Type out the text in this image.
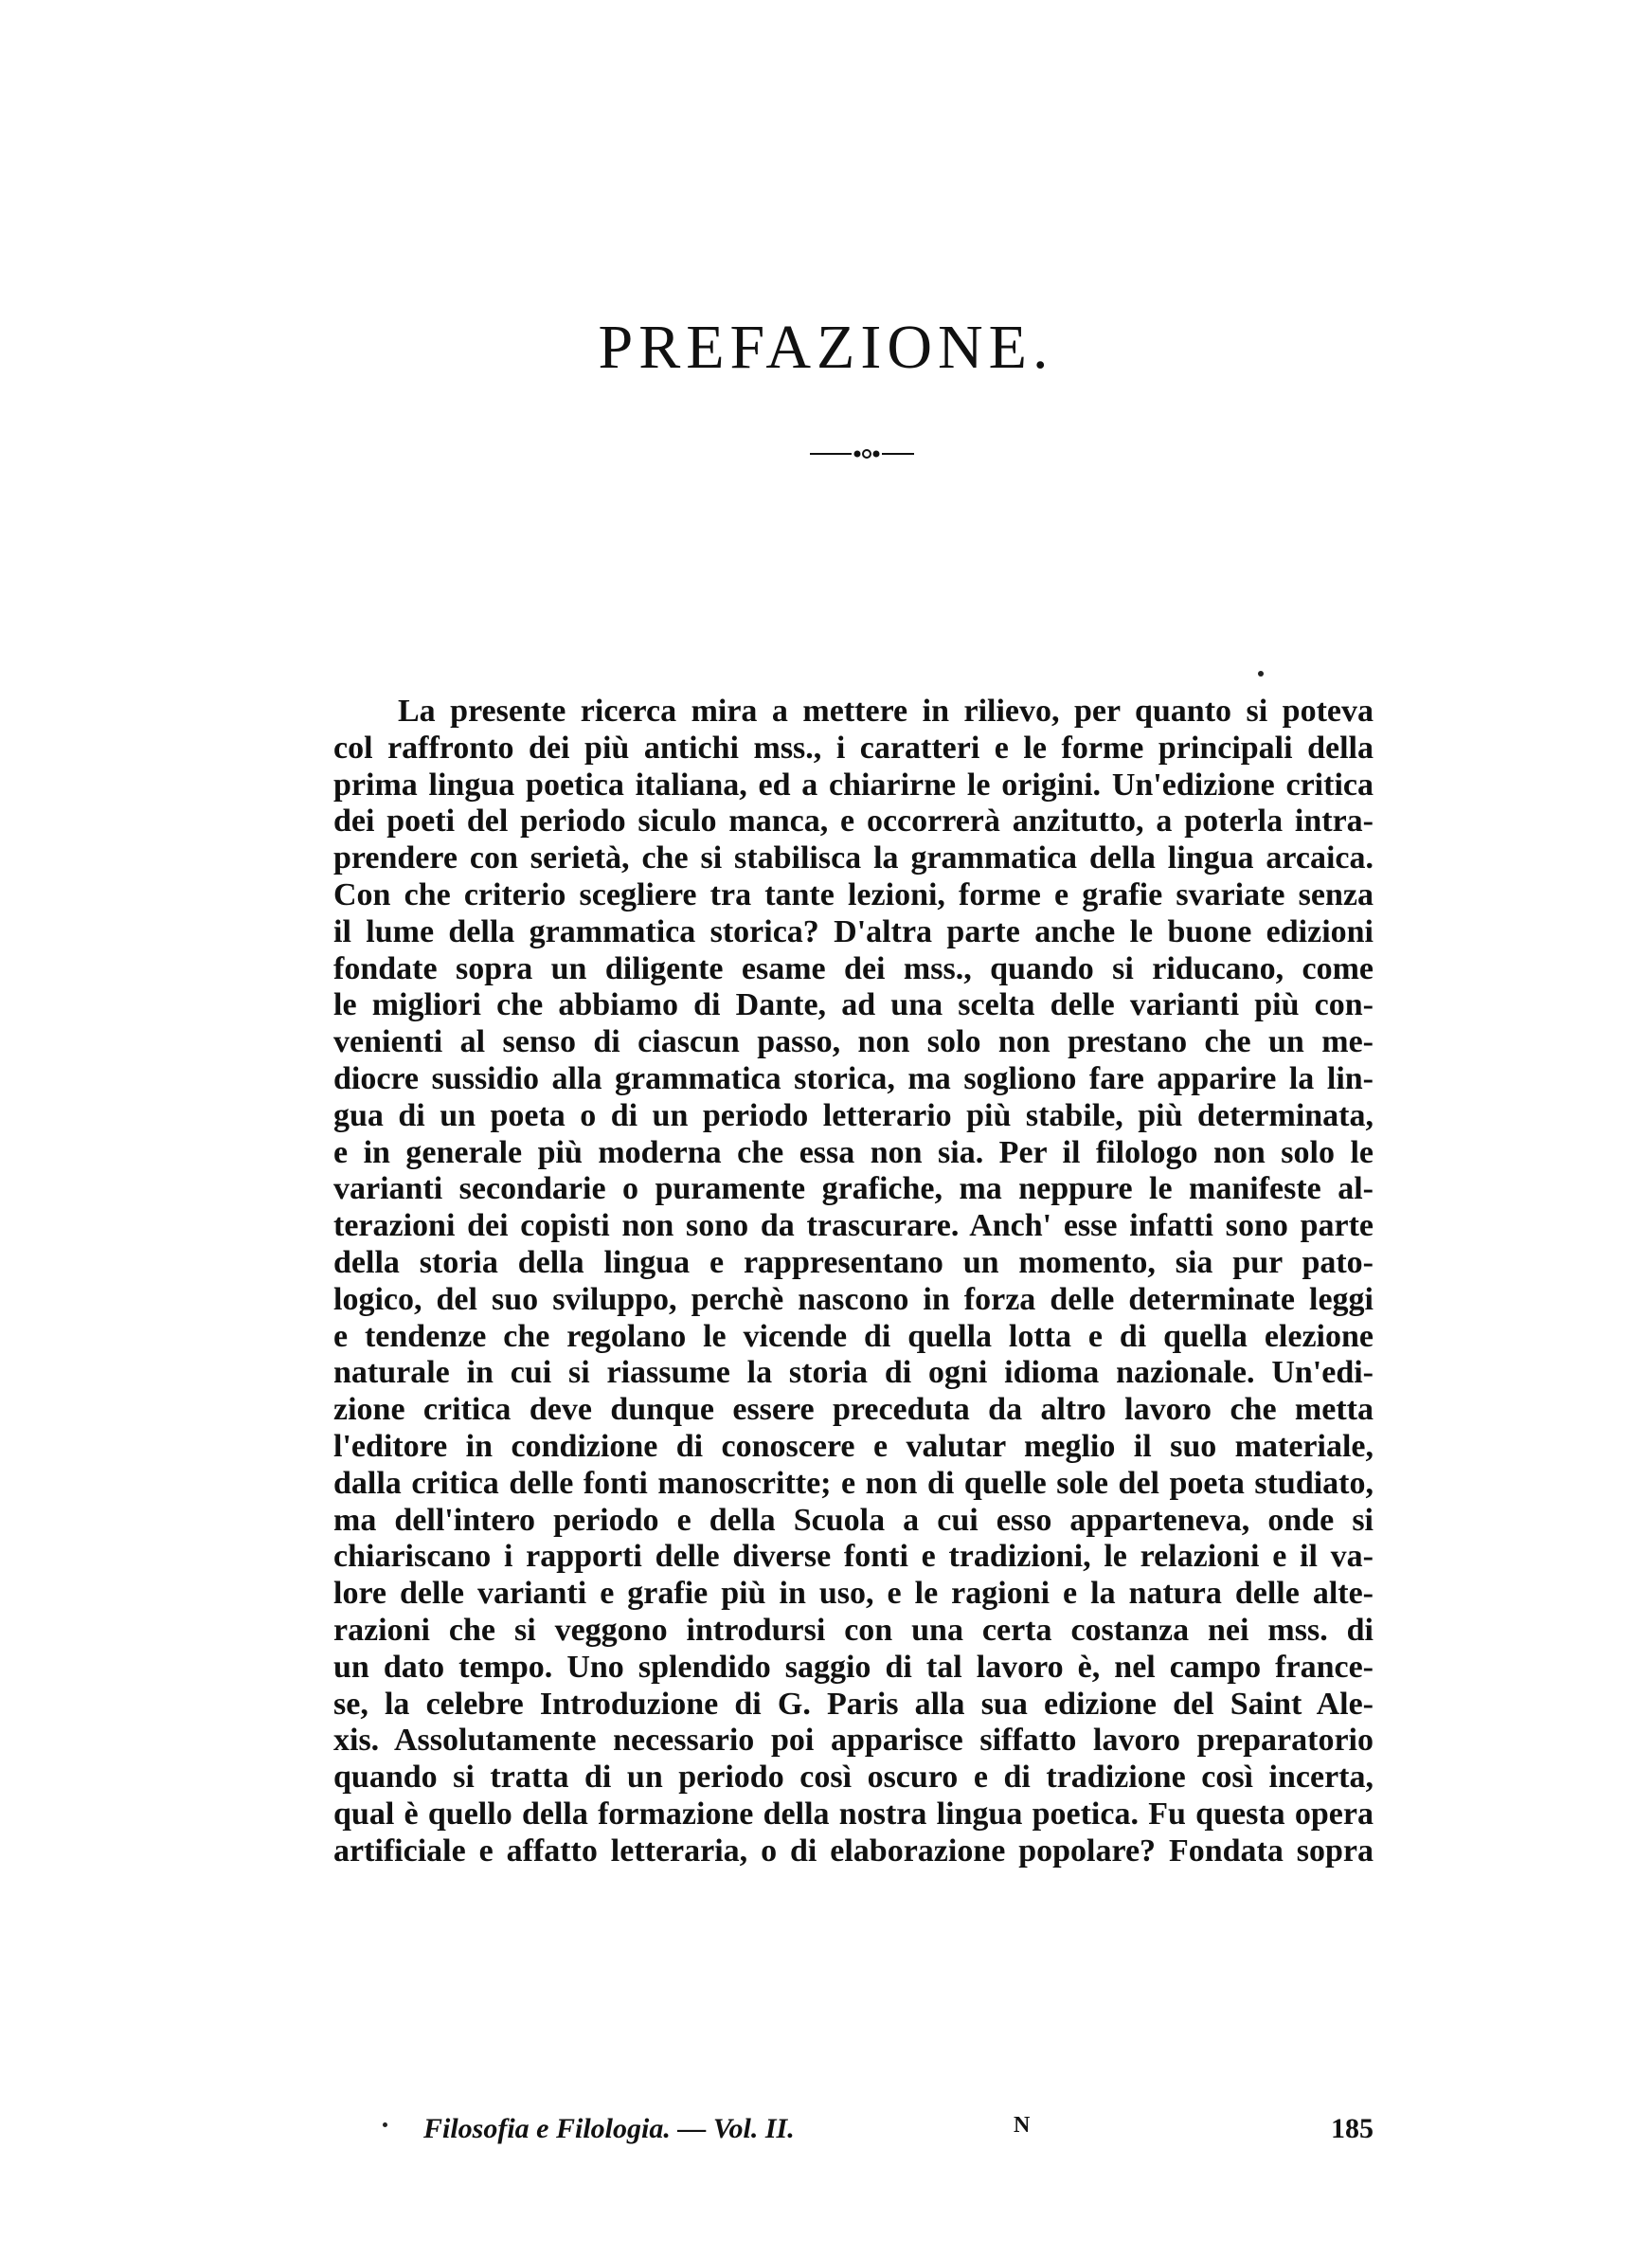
PREFAZIONE.
La presente ricerca mira a mettere in rilievo, per quanto si poteva
col raffronto dei più antichi mss., i caratteri e le forme principali della
prima lingua poetica italiana, ed a chiarirne le origini. Un'edizione critica
dei poeti del periodo siculo manca, e occorrerà anzitutto, a poterla intra-
prendere con serietà, che si stabilisca la grammatica della lingua arcaica.
Con che criterio scegliere tra tante lezioni, forme e grafie svariate senza
il lume della grammatica storica? D'altra parte anche le buone edizioni
fondate sopra un diligente esame dei mss., quando si riducano, come
le migliori che abbiamo di Dante, ad una scelta delle varianti più con-
venienti al senso di ciascun passo, non solo non prestano che un me-
diocre sussidio alla grammatica storica, ma sogliono fare apparire la lin-
gua di un poeta o di un periodo letterario più stabile, più determinata,
e in generale più moderna che essa non sia. Per il filologo non solo le
varianti secondarie o puramente grafiche, ma neppure le manifeste al-
terazioni dei copisti non sono da trascurare. Anch' esse infatti sono parte
della storia della lingua e rappresentano un momento, sia pur pato-
logico, del suo sviluppo, perchè nascono in forza delle determinate leggi
e tendenze che regolano le vicende di quella lotta e di quella elezione
naturale in cui si riassume la storia di ogni idioma nazionale. Un'edi-
zione critica deve dunque essere preceduta da altro lavoro che metta
l'editore in condizione di conoscere e valutar meglio il suo materiale,
dalla critica delle fonti manoscritte; e non di quelle sole del poeta studiato,
ma dell'intero periodo e della Scuola a cui esso apparteneva, onde si
chiariscano i rapporti delle diverse fonti e tradizioni, le relazioni e il va-
lore delle varianti e grafie più in uso, e le ragioni e la natura delle alte-
razioni che si veggono introdursi con una certa costanza nei mss. di
un dato tempo. Uno splendido saggio di tal lavoro è, nel campo france-
se, la celebre Introduzione di G. Paris alla sua edizione del Saint Ale-
xis. Assolutamente necessario poi apparisce siffatto lavoro preparatorio
quando si tratta di un periodo così oscuro e di tradizione così incerta,
qual è quello della formazione della nostra lingua poetica. Fu questa opera
artificiale e affatto letteraria, o di elaborazione popolare? Fondata sopra
Filosofia e Filologia. — Vol. II.	N	185
